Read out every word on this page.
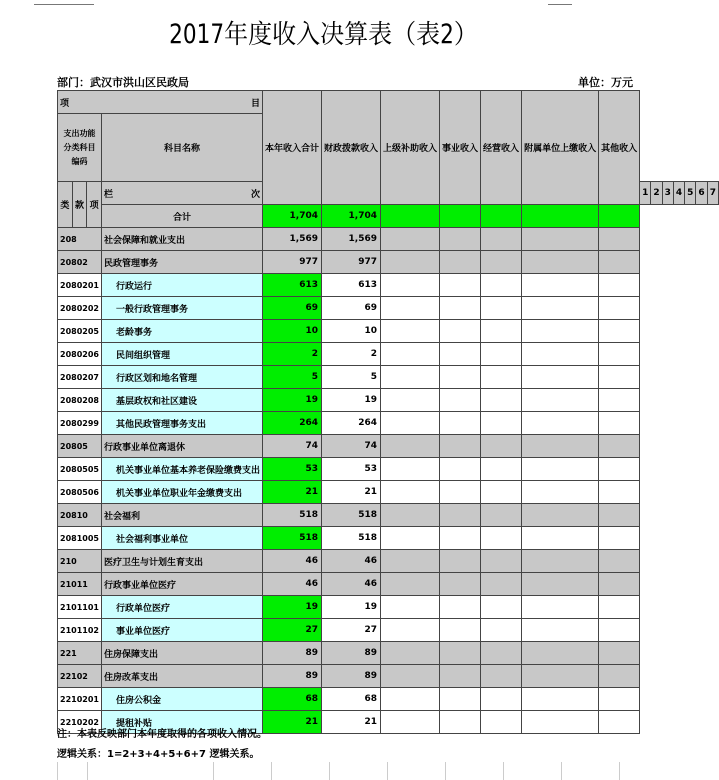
2017年度收入决算表（表2）
部门：武汉市洪山区民政局	单位：万元
项 目				本年收入合计	财政拨款收入	上级补助收入	事业收入	经营收入	附属单位上缴收入	其他收入							
支出功能分类科目编码			科目名称														
类	款	项	栏 次								1	2	3	4	5	6	7
			合计	1,704	1,704												
208			社会保障和就业支出	1,569	1,569												
20802			民政管理事务	977	977												
2080201			行政运行	613	613												
2080202			一般行政管理事务	69	69												
2080205			老龄事务	10	10												
2080206			民间组织管理	2	2												
2080207			行政区划和地名管理	5	5												
2080208			基层政权和社区建设	19	19												
2080299			其他民政管理事务支出	264	264												
20805			行政事业单位离退休	74	74												
2080505			机关事业单位基本养老保险缴费支出	53	53												
2080506			机关事业单位职业年金缴费支出	21	21												
20810			社会福利	518	518												
2081005			社会福利事业单位	518	518												
210			医疗卫生与计划生育支出	46	46												
21011			行政事业单位医疗	46	46												
2101101			行政单位医疗	19	19												
2101102			事业单位医疗	27	27												
221			住房保障支出	89	89												
22102			住房改革支出	89	89												
2210201			住房公积金	68	68												
2210202			提租补贴	21	21												
注：本表反映部门本年度取得的各项收入情况。
逻辑关系：1=2+3+4+5+6+7 逻辑关系。
